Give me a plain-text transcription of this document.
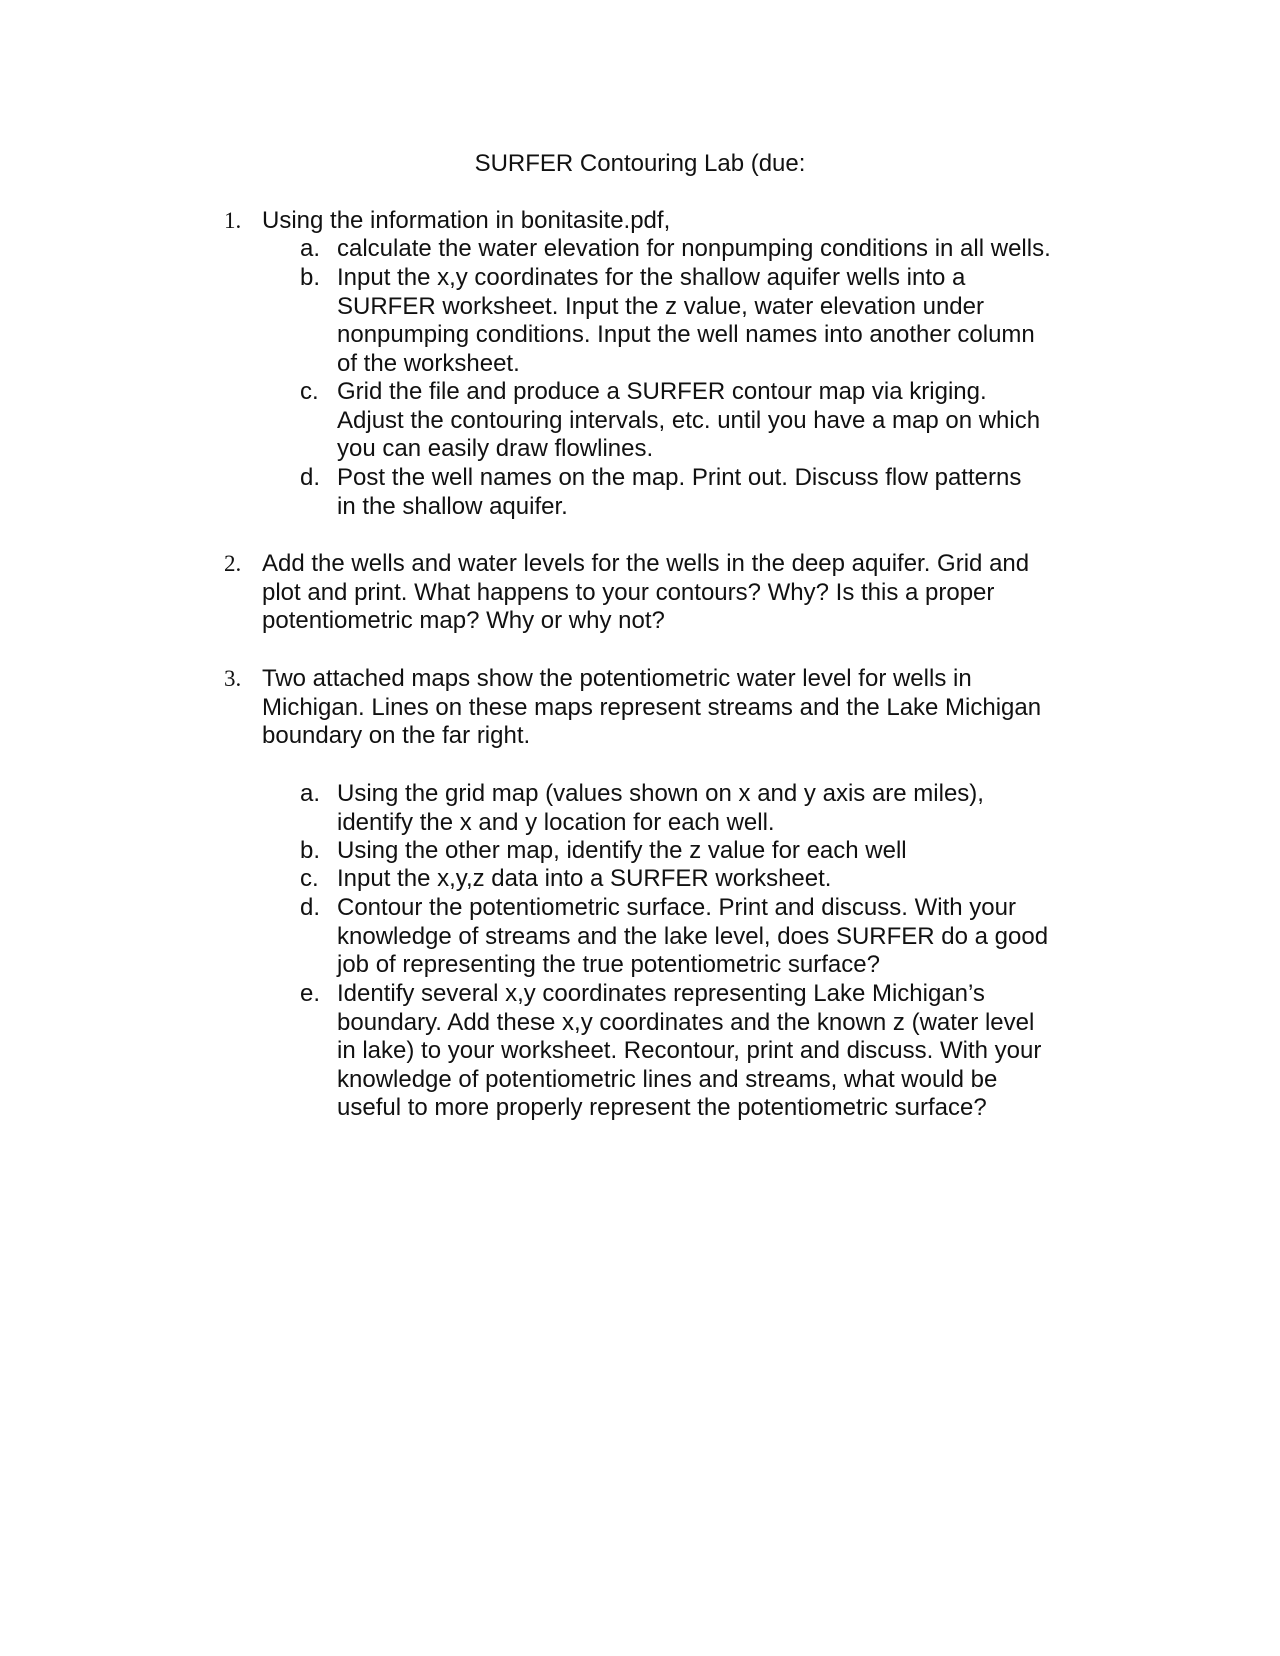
SURFER Contouring Lab (due:
1. Using the information in bonitasite.pdf,
a. calculate the water elevation for nonpumping conditions in all wells.
b. Input the x,y coordinates for the shallow aquifer wells into a
SURFER worksheet. Input the z value, water elevation under
nonpumping conditions. Input the well names into another column
of the worksheet.
c. Grid the file and produce a SURFER contour map via kriging.
Adjust the contouring intervals, etc. until you have a map on which
you can easily draw flowlines.
d. Post the well names on the map. Print out. Discuss flow patterns
in the shallow aquifer.
2. Add the wells and water levels for the wells in the deep aquifer. Grid and
plot and print. What happens to your contours? Why? Is this a proper
potentiometric map? Why or why not?
3. Two attached maps show the potentiometric water level for wells in
Michigan. Lines on these maps represent streams and the Lake Michigan
boundary on the far right.
a. Using the grid map (values shown on x and y axis are miles),
identify the x and y location for each well.
b. Using the other map, identify the z value for each well
c. Input the x,y,z data into a SURFER worksheet.
d. Contour the potentiometric surface. Print and discuss. With your
knowledge of streams and the lake level, does SURFER do a good
job of representing the true potentiometric surface?
e. Identify several x,y coordinates representing Lake Michigan’s
boundary. Add these x,y coordinates and the known z (water level
in lake) to your worksheet. Recontour, print and discuss. With your
knowledge of potentiometric lines and streams, what would be
useful to more properly represent the potentiometric surface?
